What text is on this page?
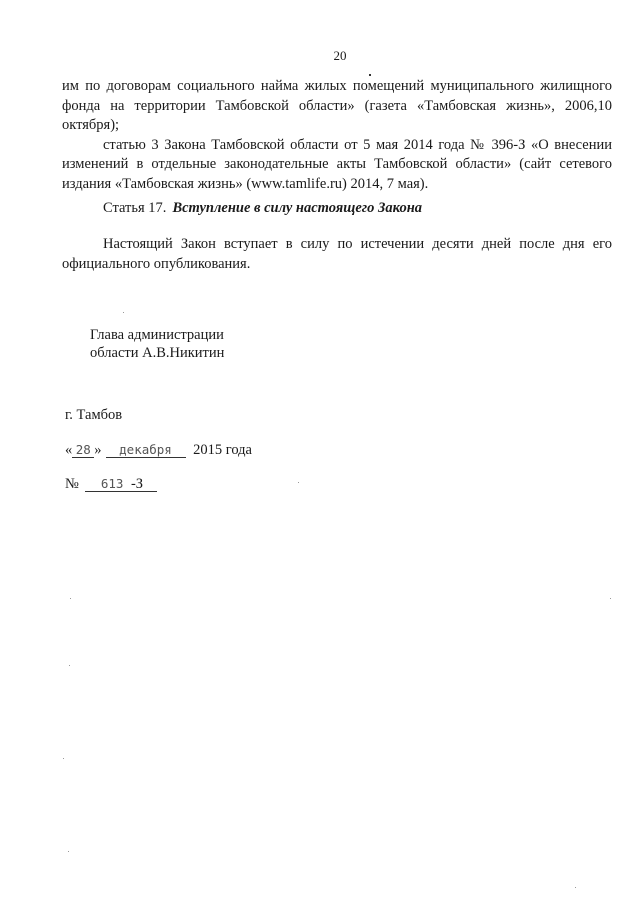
20

им по договорам социального найма жилых помещений муниципального жилищного фонда на территории Тамбовской области» (газета «Тамбовская жизнь», 2006,10 октября);

статью 3 Закона Тамбовской области от 5 мая 2014 года № 396-З «О внесении изменений в отдельные законодательные акты Тамбовской области» (сайт сетевого издания «Тамбовская жизнь» (www.tamlife.ru) 2014, 7 мая).

Статья 17. Вступление в силу настоящего Закона

Настоящий Закон вступает в силу по истечении десяти дней после дня его официального опубликования.

Глава администрации
области А.В.Никитин
г. Тамбов
« 28 » декабря 2015 года
№ 613 -З
